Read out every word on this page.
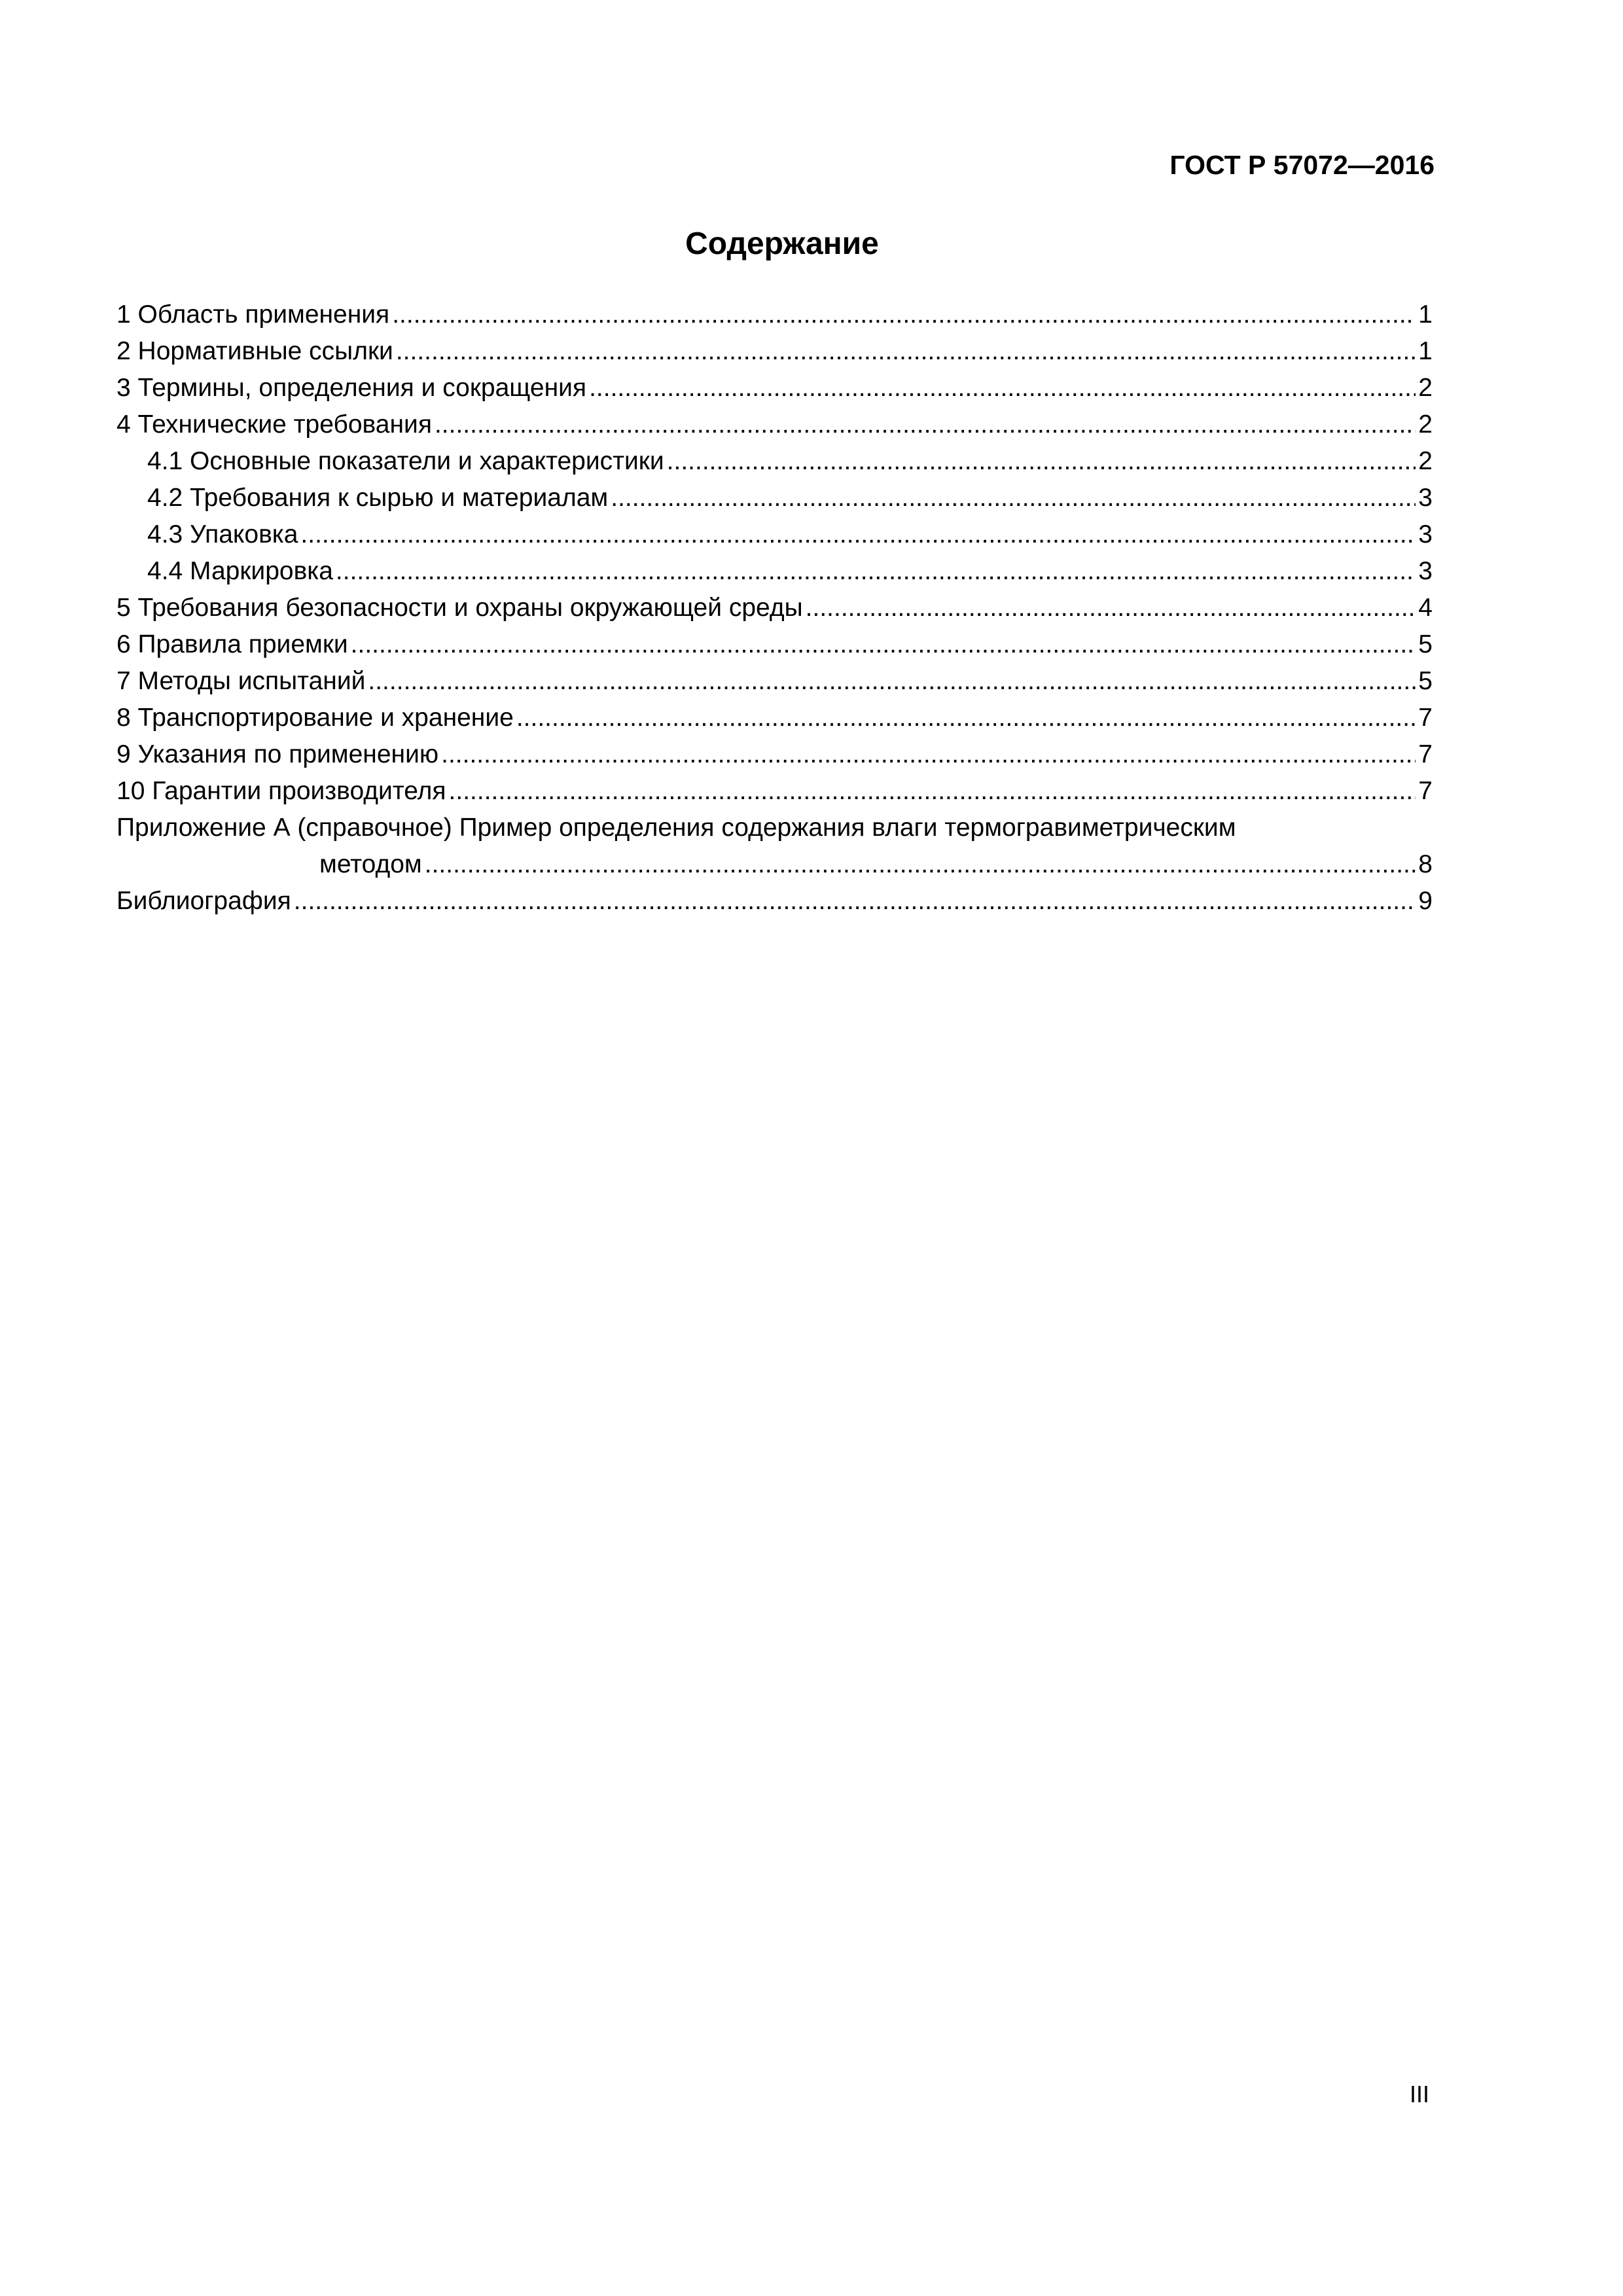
ГОСТ Р 57072—2016
Содержание
1 Область применения .....	1
2 Нормативные ссылки .....	1
3 Термины, определения и сокращения .....	2
4 Технические требования .....	2
4.1 Основные показатели и характеристики .....	2
4.2 Требования к сырью и материалам .....	3
4.3 Упаковка .....	3
4.4 Маркировка .....	3
5 Требования безопасности и охраны окружающей среды .....	4
6 Правила приемки .....	5
7 Методы испытаний .....	5
8 Транспортирование и хранение .....	7
9 Указания по применению .....	7
10 Гарантии производителя .....	7
Приложение А (справочное) Пример определения содержания влаги термогравиметрическим
методом .....	8
Библиография .....	9
III
